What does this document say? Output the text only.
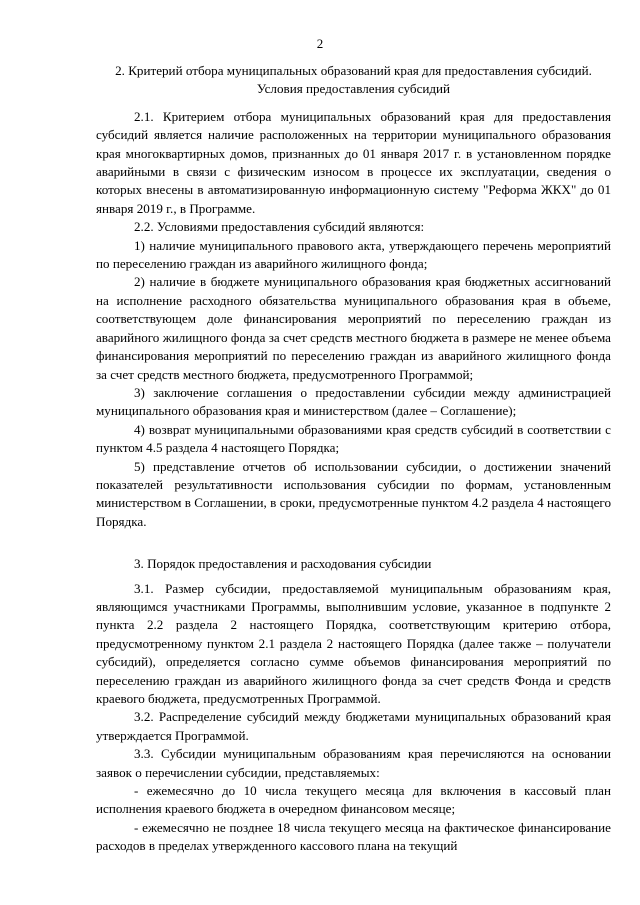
2

2. Критерий отбора муниципальных образований края для предоставления субсидий. Условия предоставления субсидий

2.1. Критерием отбора муниципальных образований края для предоставления субсидий является наличие расположенных на территории муниципального образования края многоквартирных домов, признанных до 01 января 2017 г. в установленном порядке аварийными в связи с физическим износом в процессе их эксплуатации, сведения о которых внесены в автоматизированную информационную систему "Реформа ЖКХ" до 01 января 2019 г., в Программе.

2.2. Условиями предоставления субсидий являются:

1) наличие муниципального правового акта, утверждающего перечень мероприятий по переселению граждан из аварийного жилищного фонда;

2) наличие в бюджете муниципального образования края бюджетных ассигнований на исполнение расходного обязательства муниципального образования края в объеме, соответствующем доле финансирования мероприятий по переселению граждан из аварийного жилищного фонда за счет средств местного бюджета в размере не менее объема финансирования мероприятий по переселению граждан из аварийного жилищного фонда за счет средств местного бюджета, предусмотренного Программой;

3) заключение соглашения о предоставлении субсидии между администрацией муниципального образования края и министерством (далее – Соглашение);

4) возврат муниципальными образованиями края средств субсидий в соответствии с пунктом 4.5 раздела 4 настоящего Порядка;

5) представление отчетов об использовании субсидии, о достижении значений показателей результативности использования субсидии по формам, установленным министерством в Соглашении, в сроки, предусмотренные пунктом 4.2 раздела 4 настоящего Порядка.

3. Порядок предоставления и расходования субсидии

3.1. Размер субсидии, предоставляемой муниципальным образованиям края, являющимся участниками Программы, выполнившим условие, указанное в подпункте 2 пункта 2.2 раздела 2 настоящего Порядка, соответствующим критерию отбора, предусмотренному пунктом 2.1 раздела 2 настоящего Порядка (далее также – получатели субсидий), определяется согласно сумме объемов финансирования мероприятий по переселению граждан из аварийного жилищного фонда за счет средств Фонда и средств краевого бюджета, предусмотренных Программой.

3.2. Распределение субсидий между бюджетами муниципальных образований края утверждается Программой.

3.3. Субсидии муниципальным образованиям края перечисляются на основании заявок о перечислении субсидии, представляемых:

- ежемесячно до 10 числа текущего месяца для включения в кассовый план исполнения краевого бюджета в очередном финансовом месяце;

- ежемесячно не позднее 18 числа текущего месяца на фактическое финансирование расходов в пределах утвержденного кассового плана на текущий
